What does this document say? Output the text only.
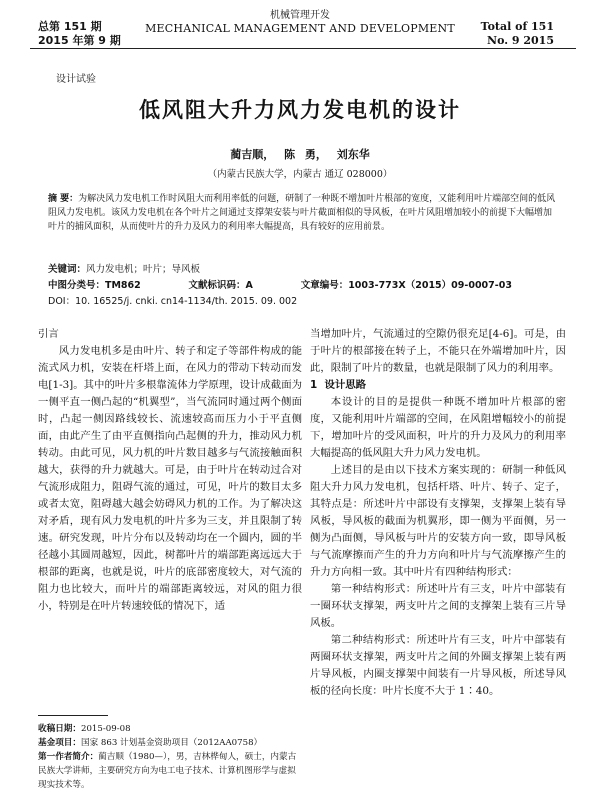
总第 151 期
2015 年第 9 期
机械管理开发
MECHANICAL MANAGEMENT AND DEVELOPMENT	Total of 151
No. 9 2015
设计试验
低风阻大升力风力发电机的设计
蔺吉顺， 陈 勇， 刘东华
（内蒙古民族大学，内蒙古 通辽 028000）
摘 要：为解决风力发电机工作时风阻大而利用率低的问题，研制了一种既不增加叶片根部的宽度，又能利用叶片端部空间的低风阻风力发电机。该风力发电机在各个叶片之间通过支撑架安装与叶片截面相似的导风板，在叶片风阻增加较小的前提下大幅增加叶片的捕风面积，从而使叶片的升力及风力的利用率大幅提高，具有较好的应用前景。
关键词：风力发电机；叶片；导风板
中图分类号：TM862	文献标识码：A	文章编号：1003-773X（2015）09-0007-03
DOI：10. 16525/j. cnki. cn14-1134/th. 2015. 09. 002
引言

风力发电机多是由叶片、转子和定子等部件构成的能流式风力机，安装在杆塔上面，在风力的带动下转动而发电[1-3]。其中的叶片多根靠流体力学原理，设计成截面为一侧平直一侧凸起的“机翼型”，当气流同时通过两个侧面时，凸起一侧因路线较长、流速较高而压力小于平直侧面，由此产生了由平直侧指向凸起侧的升力，推动风力机转动。由此可见，风力机的叶片数目越多与气流接触面积越大，获得的升力就越大。可是，由于叶片在转动过合对气流形成阻力，阻碍气流的通过，可见，叶片的数目太多或者太宽，阻碍越大越会妨碍风力机的工作。为了解决这对矛盾，现有风力发电机的叶片多为三支，并且限制了转速。研究发现，叶片分布以及转动均在一个圆内，圆的半径越小其圆周越短，因此，树都叶片的端部距离远远大于根部的距离，也就是说，叶片的底部密度较大，对气流的阻力也比较大，而叶片的端部距离较远，对风的阻力很小，特别是在叶片转速较低的情况下，适

当增加叶片，气流通过的空隙仍很充足[4-6]。可是，由于叶片的根部接在转子上，不能只在外端增加叶片，因此，限制了叶片的数量，也就是限制了风力的利用率。

1 设计思路

本设计的目的是提供一种既不增加叶片根部的密度，又能利用叶片端部的空间，在风阻增幅较小的前提下，增加叶片的受风面积，叶片的升力及风力的利用率大幅提高的低风阻大升力风力发电机。

上述目的是由以下技术方案实现的：研制一种低风阻大升力风力发电机，包括杆塔、叶片、转子、定子，其特点是：所述叶片中部设有支撑架，支撑架上装有导风板，导风板的截面为机翼形，即一侧为平面侧，另一侧为凸面侧，导风板与叶片的安装方向一致，即导风板与气流摩擦而产生的升力方向和叶片与气流摩擦产生的升力方向相一致。其中叶片有四种结构形式：

第一种结构形式：所述叶片有三支，叶片中部装有一圈环状支撑架，两支叶片之间的支撑架上装有三片导风板。

第二种结构形式：所述叶片有三支，叶片中部装有两圈环状支撑架，两支叶片之间的外圈支撑架上装有两片导风板，内圈支撑架中间装有一片导风板，所述导风板的径向长度：叶片长度不大于 1∶40。

收稿日期：2015-09-08
基金项目：国家 863 计划基金资助项目（2012AA0758）
第一作者简介：蔺吉顺（1980—），男，吉林桦甸人，硕士，内蒙古民族大学讲师，主要研究方向为电工电子技术、计算机图形学与虚拟现实技术等。
